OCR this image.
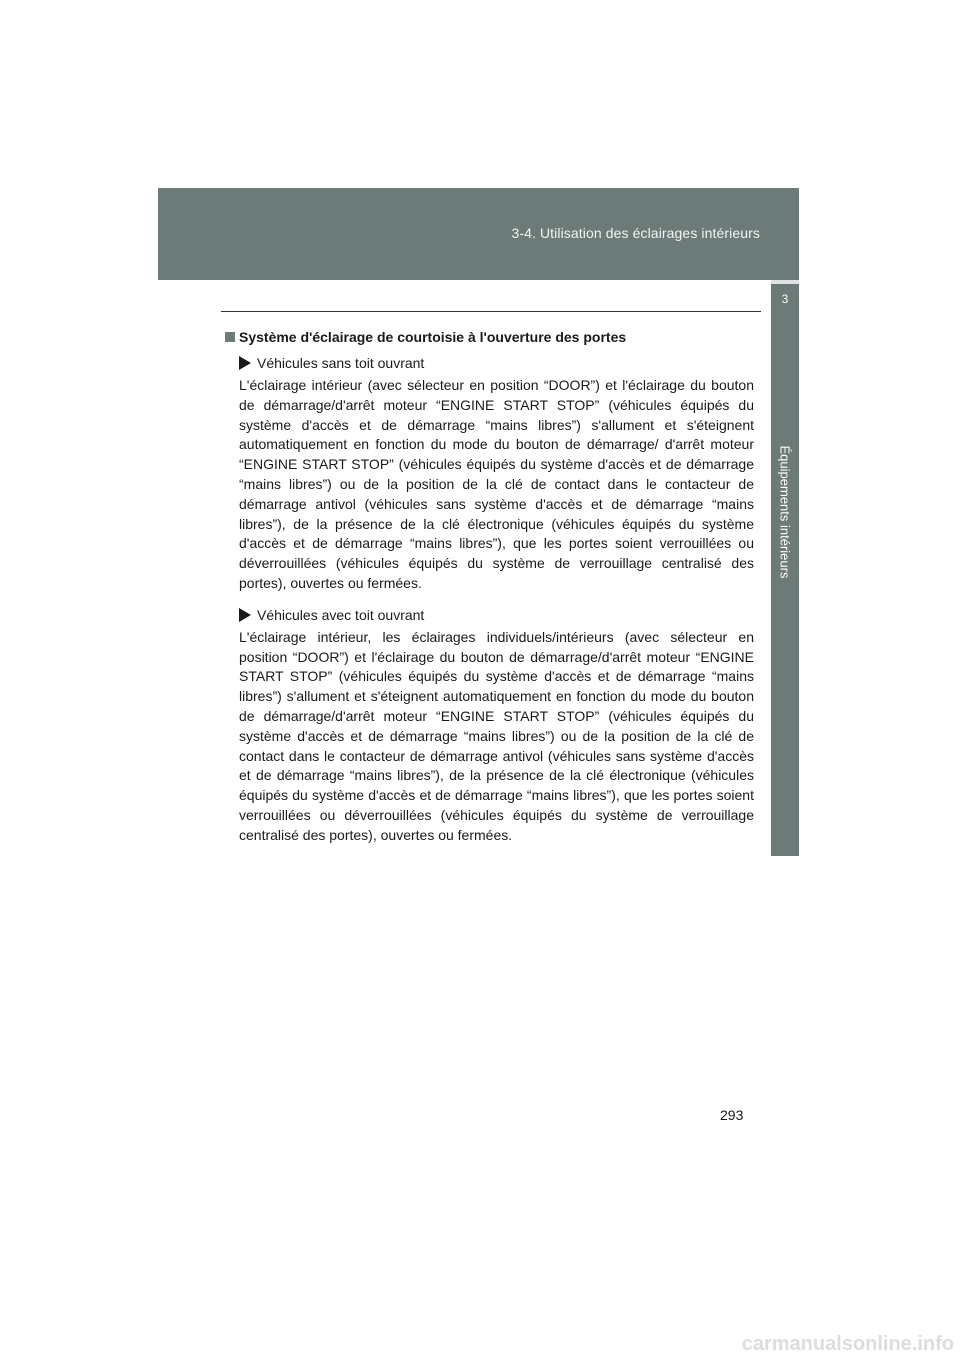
3-4. Utilisation des éclairages intérieurs
3
Équipements intérieurs
Système d'éclairage de courtoisie à l'ouverture des portes
Véhicules sans toit ouvrant

L'éclairage intérieur (avec sélecteur en position “DOOR”) et l'éclairage du bouton de démarrage/d'arrêt moteur “ENGINE START STOP” (véhicules équipés du système d'accès et de démarrage “mains libres”) s'allument et s'éteignent automatiquement en fonction du mode du bouton de démarrage/ d'arrêt moteur “ENGINE START STOP” (véhicules équipés du système d'accès et de démarrage “mains libres”) ou de la position de la clé de contact dans le contacteur de démarrage antivol (véhicules sans système d'accès et de démarrage “mains libres”), de la présence de la clé électronique (véhicules équipés du système d'accès et de démarrage “mains libres”), que les portes soient verrouillées ou déverrouillées (véhicules équipés du système de verrouillage centralisé des portes), ouvertes ou fermées.

Véhicules avec toit ouvrant

L'éclairage intérieur, les éclairages individuels/intérieurs (avec sélecteur en position “DOOR”) et l'éclairage du bouton de démarrage/d'arrêt moteur “ENGINE START STOP” (véhicules équipés du système d'accès et de démarrage “mains libres”) s'allument et s'éteignent automatiquement en fonction du mode du bouton de démarrage/d'arrêt moteur “ENGINE START STOP” (véhicules équipés du système d'accès et de démarrage “mains libres”) ou de la position de la clé de contact dans le contacteur de démarrage antivol (véhicules sans système d'accès et de démarrage “mains libres”), de la présence de la clé électronique (véhicules équipés du système d'accès et de démarrage “mains libres”), que les portes soient verrouillées ou déverrouillées (véhicules équipés du système de verrouillage centralisé des portes), ouvertes ou fermées.

293
carmanualsonline.info
